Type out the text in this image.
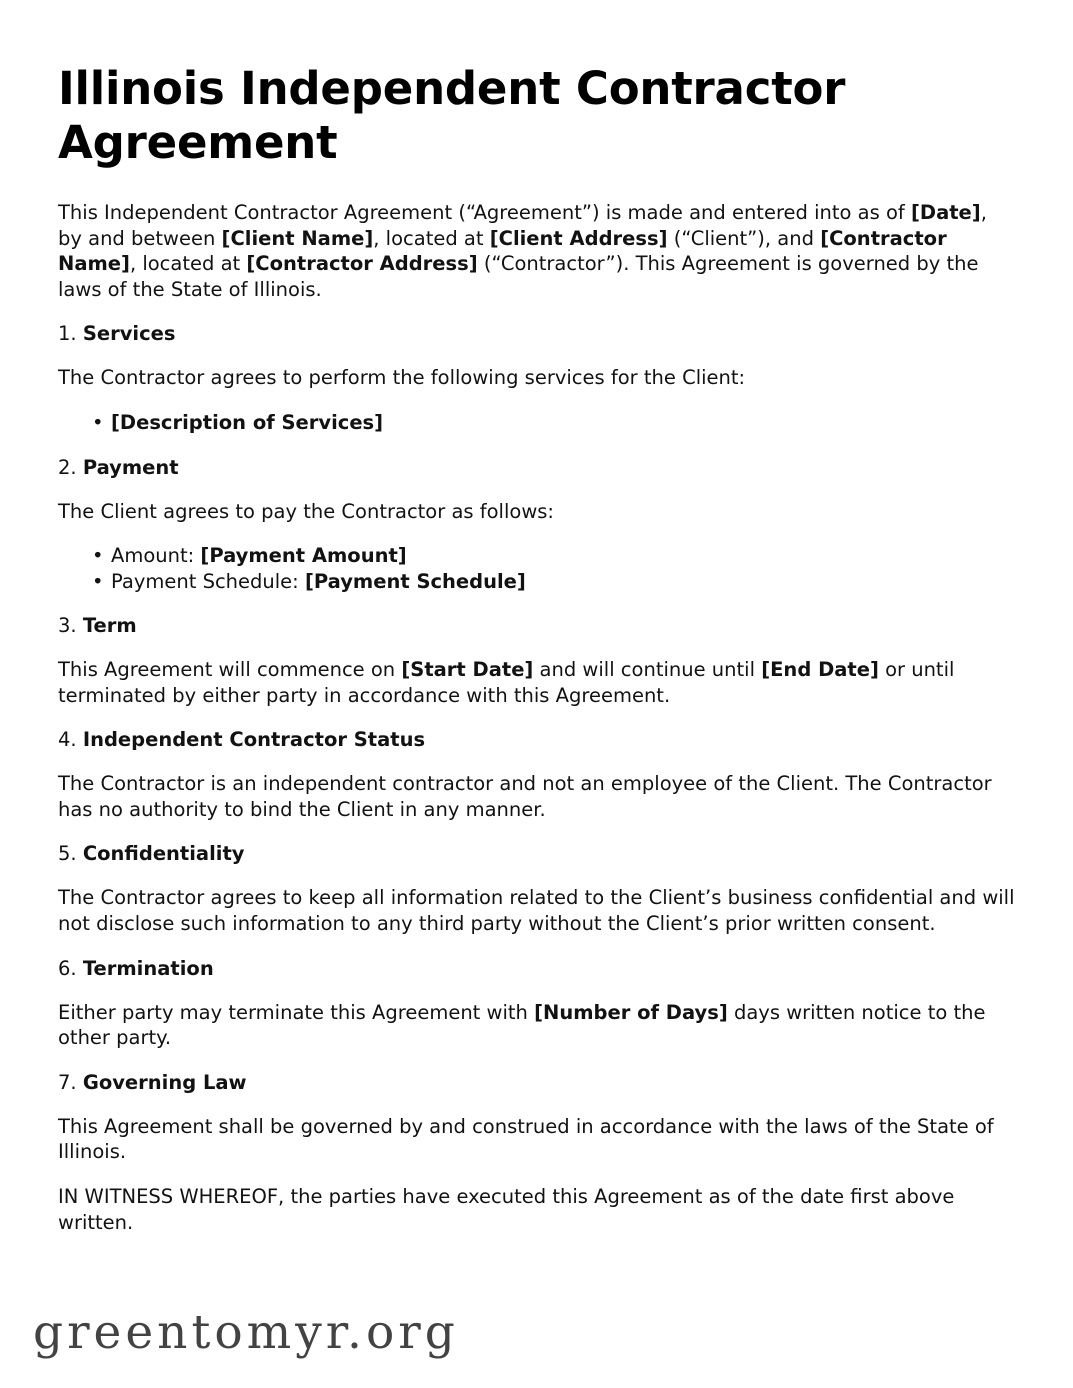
Illinois Independent Contractor Agreement

This Independent Contractor Agreement (“Agreement”) is made and entered into as of [Date], by and between [Client Name], located at [Client Address] (“Client”), and [Contractor Name], located at [Contractor Address] (“Contractor”). This Agreement is governed by the laws of the State of Illinois.

1. Services

The Contractor agrees to perform the following services for the Client:

• [Description of Services]
2. Payment

The Client agrees to pay the Contractor as follows:

• Amount: [Payment Amount]
• Payment Schedule: [Payment Schedule]
3. Term

This Agreement will commence on [Start Date] and will continue until [End Date] or until terminated by either party in accordance with this Agreement.

4. Independent Contractor Status

The Contractor is an independent contractor and not an employee of the Client. The Contractor has no authority to bind the Client in any manner.

5. Confidentiality

The Contractor agrees to keep all information related to the Client’s business confidential and will not disclose such information to any third party without the Client’s prior written consent.

6. Termination

Either party may terminate this Agreement with [Number of Days] days written notice to the other party.

7. Governing Law

This Agreement shall be governed by and construed in accordance with the laws of the State of Illinois.

IN WITNESS WHEREOF, the parties have executed this Agreement as of the date first above written.

greentomyr.org
